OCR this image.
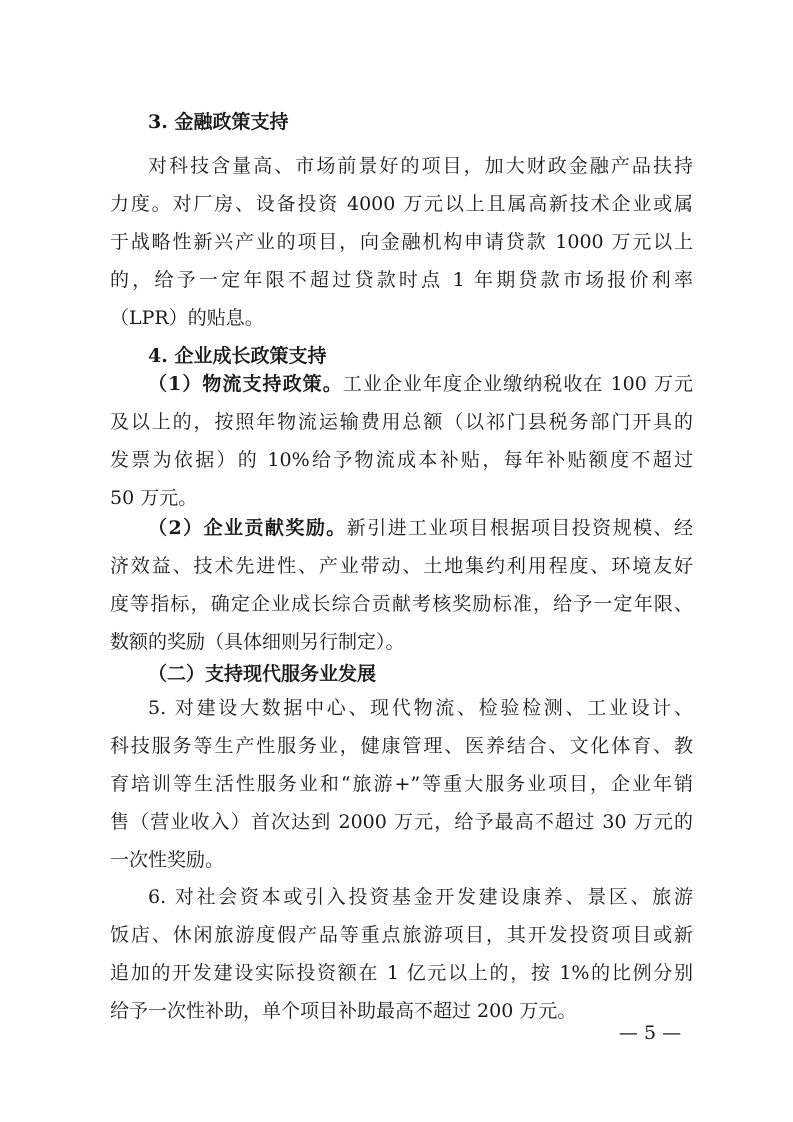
3. 金融政策支持
对科技含量高、市场前景好的项目，加大财政金融产品扶持
力度。对厂房、设备投资 4000 万元以上且属高新技术企业或属
于战略性新兴产业的项目，向金融机构申请贷款 1000 万元以上
的，给予一定年限不超过贷款时点 1 年期贷款市场报价利率
（LPR）的贴息。
4. 企业成长政策支持
（1）物流支持政策。工业企业年度企业缴纳税收在 100 万元
及以上的，按照年物流运输费用总额（以祁门县税务部门开具的
发票为依据）的 10%给予物流成本补贴，每年补贴额度不超过
50 万元。
（2）企业贡献奖励。新引进工业项目根据项目投资规模、经
济效益、技术先进性、产业带动、土地集约利用程度、环境友好
度等指标，确定企业成长综合贡献考核奖励标准，给予一定年限、
数额的奖励（具体细则另行制定）。
（二）支持现代服务业发展
5. 对建设大数据中心、现代物流、检验检测、工业设计、
科技服务等生产性服务业，健康管理、医养结合、文化体育、教
育培训等生活性服务业和“旅游+”等重大服务业项目，企业年销
售（营业收入）首次达到 2000 万元，给予最高不超过 30 万元的
一次性奖励。
6. 对社会资本或引入投资基金开发建设康养、景区、旅游
饭店、休闲旅游度假产品等重点旅游项目，其开发投资项目或新
追加的开发建设实际投资额在 1 亿元以上的，按 1%的比例分别
给予一次性补助，单个项目补助最高不超过 200 万元。
— 5 —
